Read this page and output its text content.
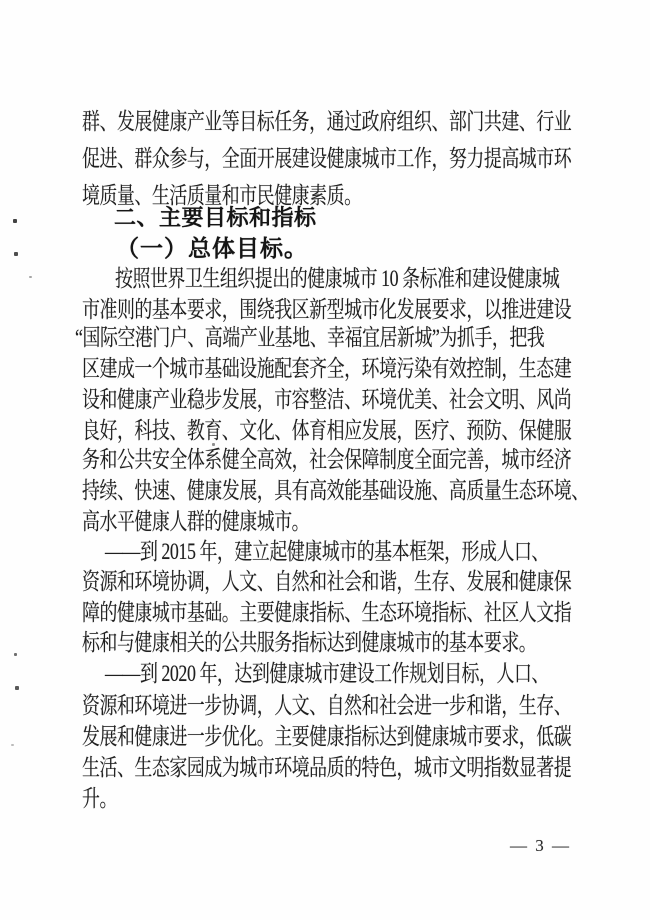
群、发展健康产业等目标任务，通过政府组织、部门共建、行业
促进、群众参与，全面开展建设健康城市工作，努力提高城市环
境质量、生活质量和市民健康素质。
二、主要目标和指标
（一）总体目标。
按照世界卫生组织提出的健康城市 10 条标准和建设健康城
市准则的基本要求，围绕我区新型城市化发展要求，以推进建设
“国际空港门户、高端产业基地、幸福宜居新城”为抓手，把我
区建成一个城市基础设施配套齐全，环境污染有效控制，生态建
设和健康产业稳步发展，市容整洁、环境优美、社会文明、风尚
良好，科技、教育、文化、体育相应发展，医疗、预防、保健服
务和公共安全体系健全高效，社会保障制度全面完善，城市经济
持续、快速、健康发展，具有高效能基础设施、高质量生态环境、
高水平健康人群的健康城市。
——到 2015 年，建立起健康城市的基本框架，形成人口、
资源和环境协调，人文、自然和社会和谐，生存、发展和健康保
障的健康城市基础。主要健康指标、生态环境指标、社区人文指
标和与健康相关的公共服务指标达到健康城市的基本要求。
——到 2020 年，达到健康城市建设工作规划目标，人口、
资源和环境进一步协调，人文、自然和社会进一步和谐，生存、
发展和健康进一步优化。主要健康指标达到健康城市要求，低碳
生活、生态家园成为城市环境品质的特色，城市文明指数显著提
升。
— 3 —
